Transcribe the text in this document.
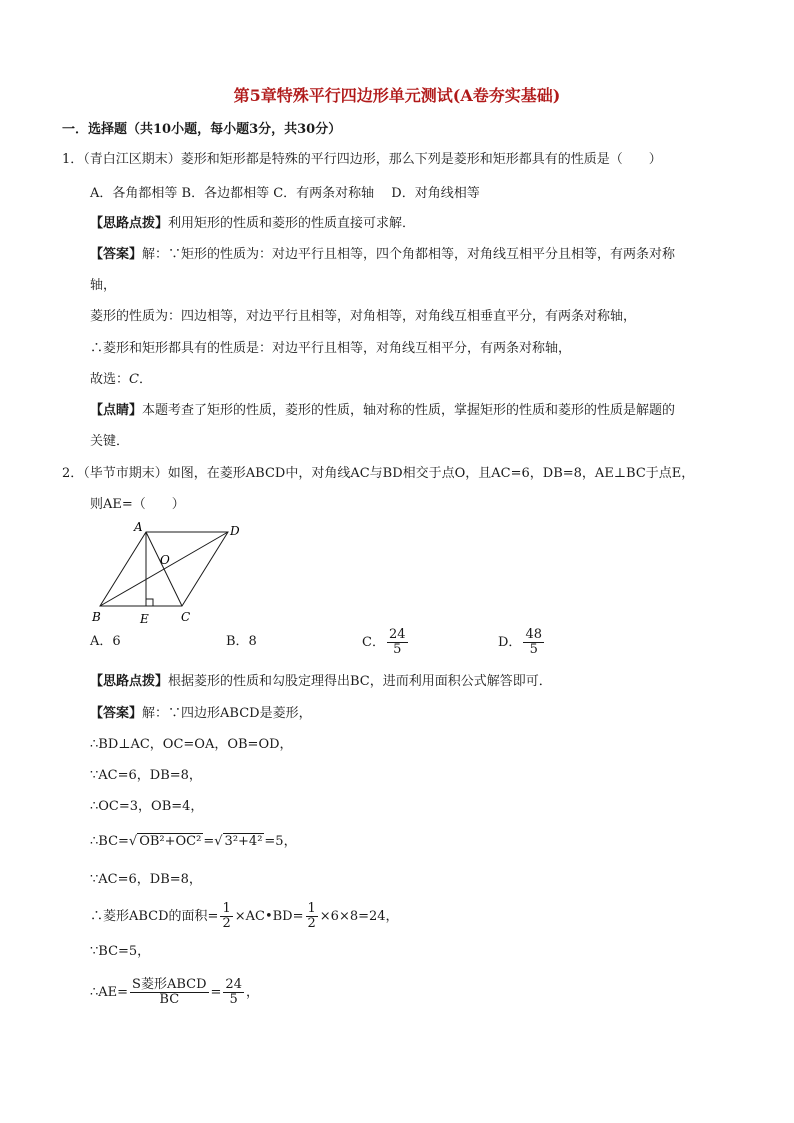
第5章特殊平行四边形单元测试(A卷夯实基础)
一．选择题（共10小题，每小题3分，共30分）
1．（青白江区期末）菱形和矩形都是特殊的平行四边形，那么下列是菱形和矩形都具有的性质是（　　）
A．各角都相等 B．各边都相等 C．有两条对称轴　 D．对角线相等
【思路点拨】利用矩形的性质和菱形的性质直接可求解．
【答案】解：∵矩形的性质为：对边平行且相等，四个角都相等，对角线互相平分且相等，有两条对称
轴，
菱形的性质为：四边相等，对边平行且相等，对角相等，对角线互相垂直平分，有两条对称轴，
∴菱形和矩形都具有的性质是：对边平行且相等，对角线互相平分，有两条对称轴，
故选：C．
【点睛】本题考查了矩形的性质，菱形的性质，轴对称的性质，掌握矩形的性质和菱形的性质是解题的
关键．
2．（毕节市期末）如图，在菱形ABCD中，对角线AC与BD相交于点O，且AC=6，DB=8，AE⊥BC于点E，
则AE=（　　）
A	D
O
B	E	C
A．6	B．8	C． $\frac{24}{5}$	D． $\frac{48}{5}$
【思路点拨】根据菱形的性质和勾股定理得出BC，进而利用面积公式解答即可．
【答案】解：∵四边形ABCD是菱形，
∴BD⊥AC，OC=OA，OB=OD，
∵AC=6，DB=8，
∴OC=3，OB=4，
∴BC=√ OB²+OC² =√ 3²+4² =5，
∵AC=6，DB=8，
∴菱形ABCD的面积= $\frac{1}{2}$ ×AC•BD= $\frac{1}{2} \times 6\times 8=24$，
∵BC=5，
∴AE= $\frac{\text{S菱形ABCD}}{BC} = \frac{24}{5}$ ，
